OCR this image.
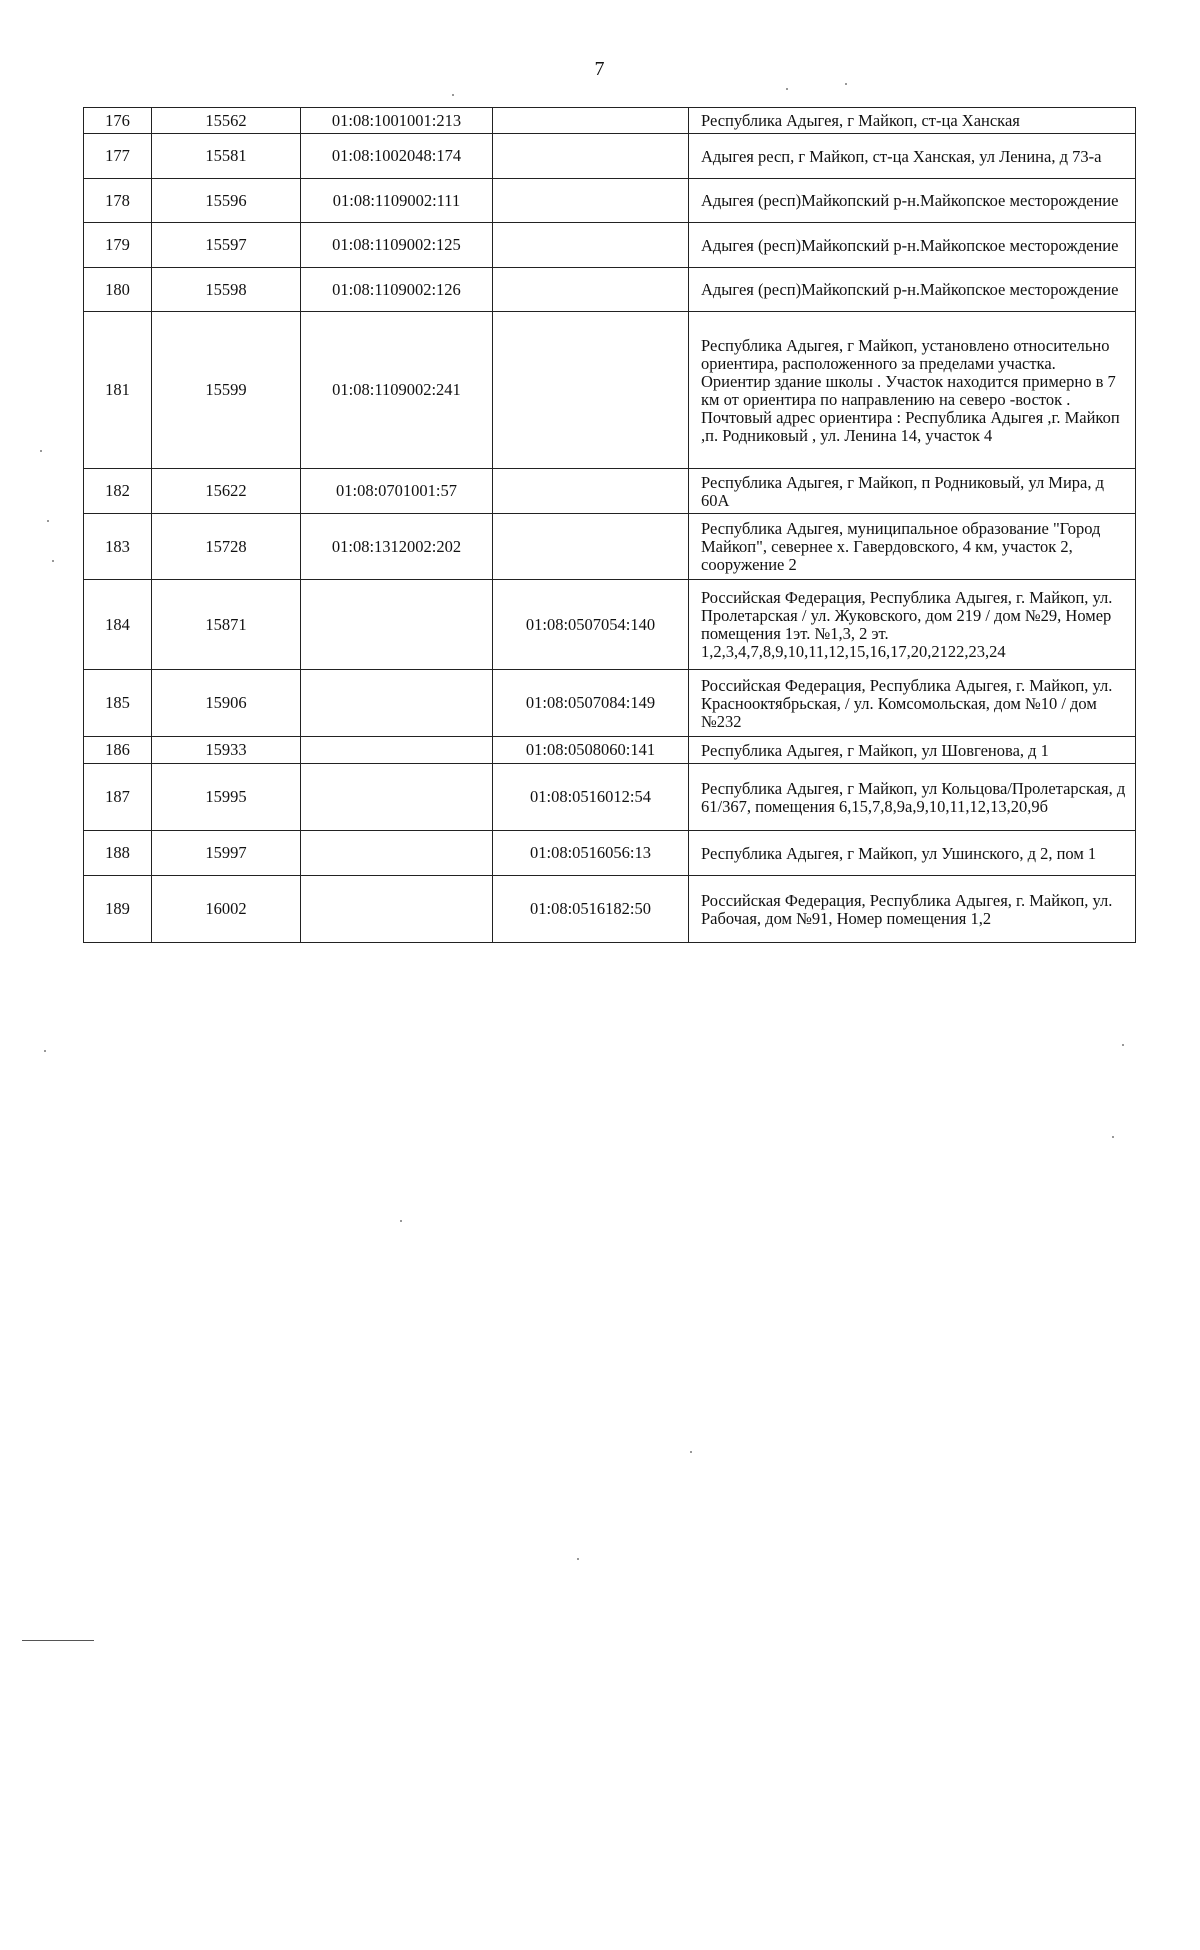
7
176	15562	01:08:1001001:213		Республика Адыгея, г Майкоп, ст-ца Ханская
177	15581	01:08:1002048:174		Адыгея респ, г Майкоп, ст-ца Ханская, ул Ленина, д 73-а
178	15596	01:08:1109002:111		Адыгея (респ)Майкопский р-н.Майкопское месторождение
179	15597	01:08:1109002:125		Адыгея (респ)Майкопский р-н.Майкопское месторождение
180	15598	01:08:1109002:126		Адыгея (респ)Майкопский р-н.Майкопское месторождение
181	15599	01:08:1109002:241		Республика Адыгея, г Майкоп, установлено относительно ориентира, расположенного за пределами участка. Ориентир здание школы . Участок находится примерно в 7 км от ориентира по направлению на северо -восток . Почтовый адрес ориентира : Республика Адыгея ,г. Майкоп ,п. Родниковый , ул. Ленина 14, участок 4
182	15622	01:08:0701001:57		Республика Адыгея, г Майкоп, п Родниковый, ул Мира, д 60А
183	15728	01:08:1312002:202		Республика Адыгея, муниципальное образование "Город Майкоп", севернее х. Гавердовского, 4 км, участок 2, сооружение 2
184	15871		01:08:0507054:140	Российская Федерация, Республика Адыгея, г. Майкоп, ул. Пролетарская / ул. Жуковского, дом 219 / дом №29, Номер помещения 1эт. №1,3, 2 эт. 1,2,3,4,7,8,9,10,11,12,15,16,17,20,2122,23,24
185	15906		01:08:0507084:149	Российская Федерация, Республика Адыгея, г. Майкоп, ул. Краснооктябрьская, / ул. Комсомольская, дом №10 / дом №232
186	15933		01:08:0508060:141	Республика Адыгея, г Майкоп, ул Шовгенова, д 1
187	15995		01:08:0516012:54	Республика Адыгея, г Майкоп, ул Кольцова/Пролетарская, д 61/367, помещения 6,15,7,8,9а,9,10,11,12,13,20,9б
188	15997		01:08:0516056:13	Республика Адыгея, г Майкоп, ул Ушинского, д 2, пом 1
189	16002		01:08:0516182:50	Российская Федерация, Республика Адыгея, г. Майкоп, ул. Рабочая, дом №91, Номер помещения 1,2
